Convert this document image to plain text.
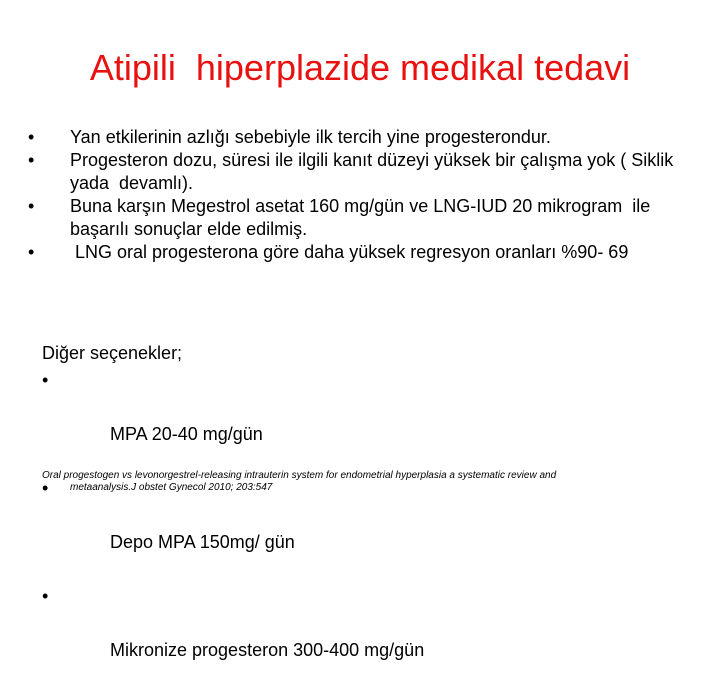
Atipili  hiperplazide medikal tedavi
•	Yan etkilerinin azlığı sebebiyle ilk tercih yine progesterondur.
•	Progesteron dozu, süresi ile ilgili kanıt düzeyi yüksek bir çalışma yok ( Siklik yada  devamlı).
•	Buna karşın Megestrol asetat 160 mg/gün ve LNG-IUD 20 mikrogram  ile başarılı sonuçlar elde edilmiş.
•	LNG oral progesterona göre daha yüksek regresyon oranları %90- 69
Diğer seçenekler;

•

MPA 20-40 mg/gün

•

Depo MPA 150mg/ gün

•

Mikronize progesteron 300-400 mg/gün

Oral progestogen vs levonorgestrel-releasing intrauterin system for endometrial hyperplasia a systematic review and
metaanalysis.J obstet Gynecol 2010; 203:547
